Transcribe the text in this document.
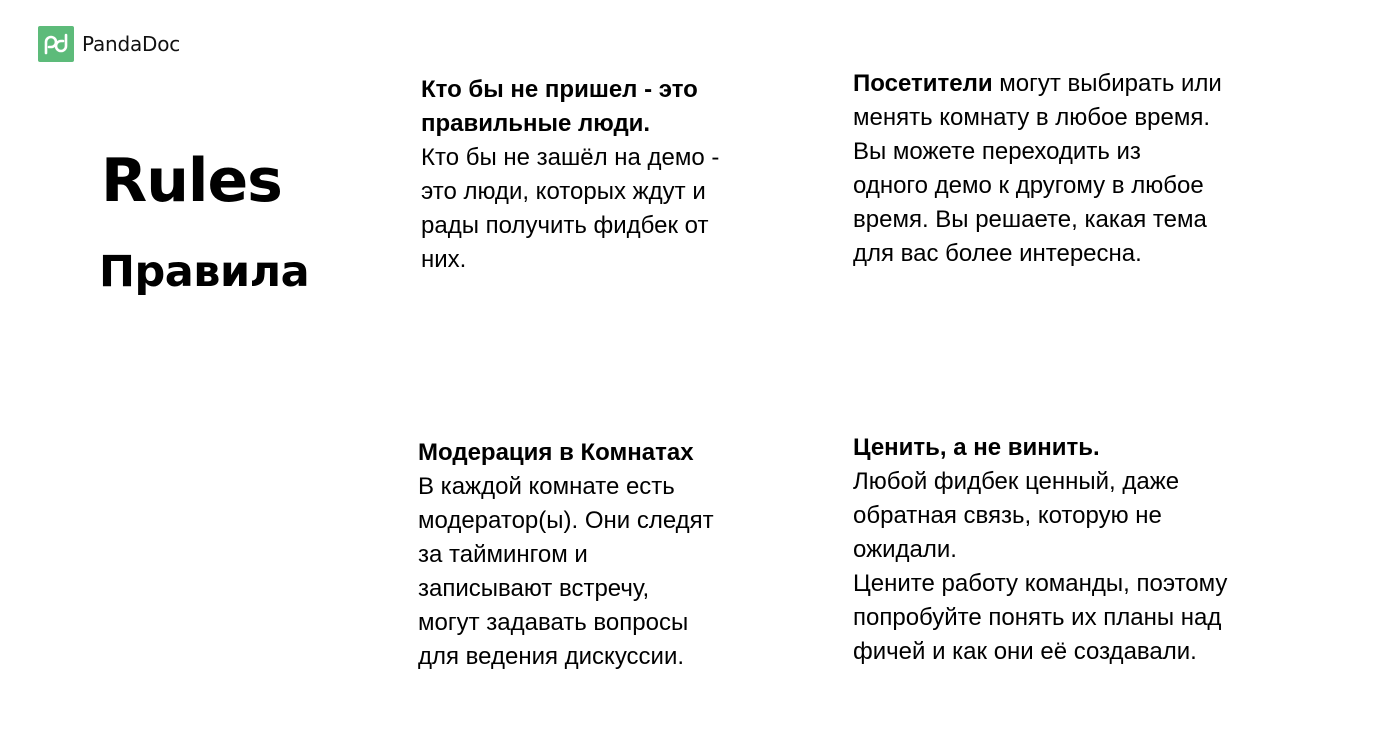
PandaDoc
Rules
Правила
Кто бы не пришел - это
правильные люди.
Кто бы не зашёл на демо -
это люди, которых ждут и
рады получить фидбек от
них.
Посетители могут выбирать или
менять комнату в любое время.
Вы можете переходить из
одного демо к другому в любое
время. Вы решаете, какая тема
для вас более интересна.
Модерация в Комнатах
В каждой комнате есть
модератор(ы). Они следят
за таймингом и
записывают встречу,
могут задавать вопросы
для ведения дискуссии.
Ценить, а не винить.
Любой фидбек ценный, даже
обратная связь, которую не
ожидали.
Цените работу команды, поэтому
попробуйте понять их планы над
фичей и как они её создавали.
